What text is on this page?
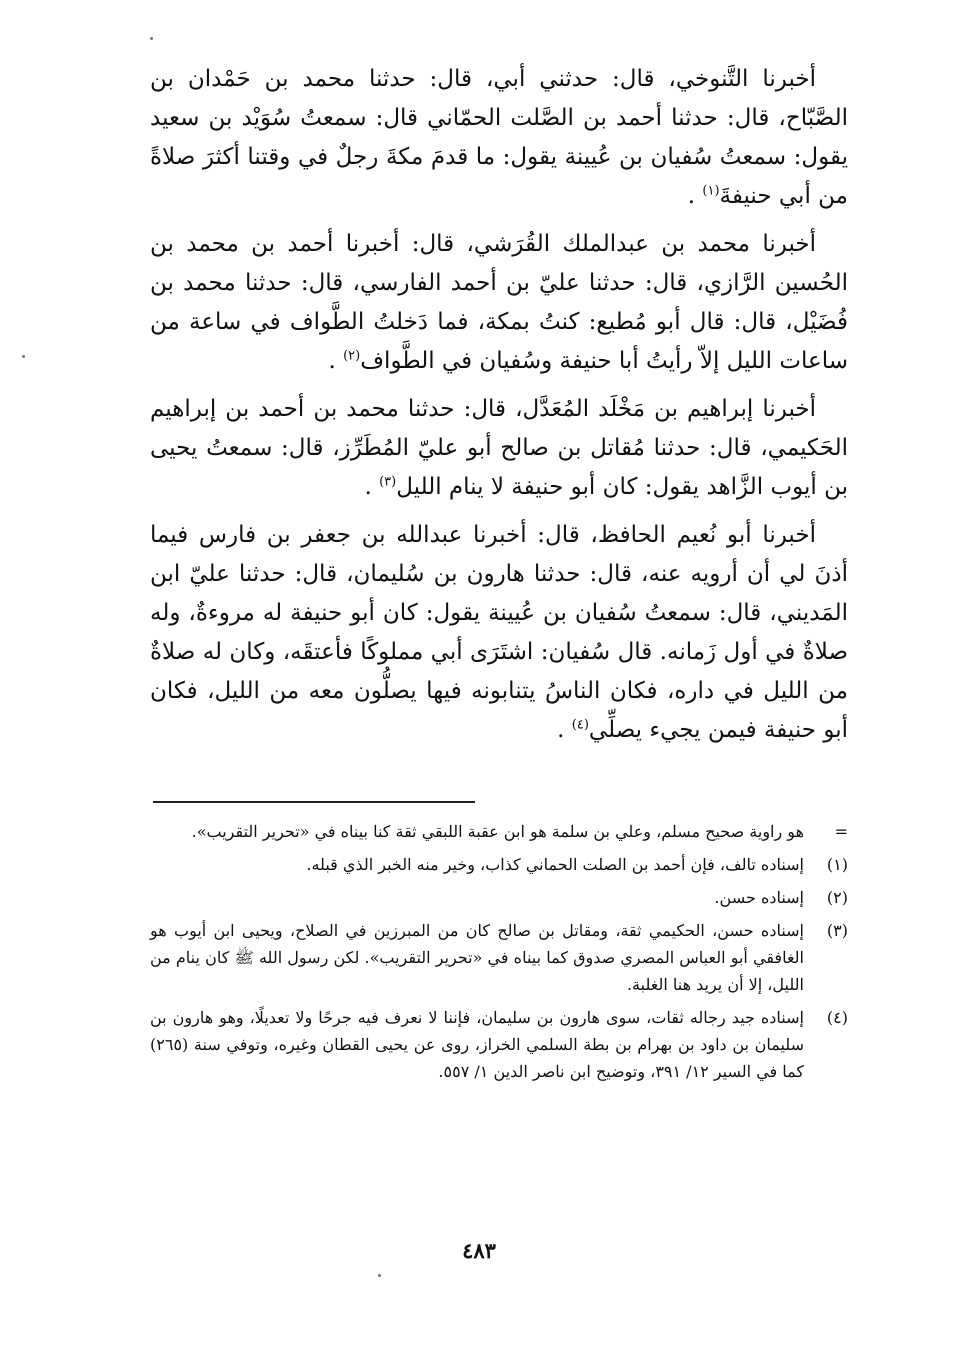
أخبرنا التَّنوخي، قال: حدثني أبي، قال: حدثنا محمد بن حَمْدان بن الصَّبّاح، قال: حدثنا أحمد بن الصَّلت الحمّاني قال: سمعتُ سُوَيْد بن سعيد يقول: سمعتُ سُفيان بن عُيينة يقول: ما قدمَ مكةَ رجلٌ في وقتنا أكثرَ صلاةً من أبي حنيفةَ$^{(١)}$ .

أخبرنا محمد بن عبدالملك القُرَشي، قال: أخبرنا أحمد بن محمد بن الحُسين الرَّازي، قال: حدثنا عليّ بن أحمد الفارسي، قال: حدثنا محمد بن فُضَيْل، قال: قال أبو مُطيع: كنتُ بمكة، فما دَخلتُ الطَّواف في ساعة من ساعات الليل إلاّ رأيتُ أبا حنيفة وسُفيان في الطَّواف$^{(٢)}$ .

أخبرنا إبراهيم بن مَخْلَد المُعَدَّل، قال: حدثنا محمد بن أحمد بن إبراهيم الحَكيمي، قال: حدثنا مُقاتل بن صالح أبو عليّ المُطَرِّز، قال: سمعتُ يحيى بن أيوب الزَّاهد يقول: كان أبو حنيفة لا ينام الليل$^{(٣)}$ .

أخبرنا أبو نُعيم الحافظ، قال: أخبرنا عبدالله بن جعفر بن فارس فيما أذنَ لي أن أرويه عنه، قال: حدثنا هارون بن سُليمان، قال: حدثنا عليّ ابن المَديني، قال: سمعتُ سُفيان بن عُيينة يقول: كان أبو حنيفة له مروءةٌ، وله صلاةٌ في أول زَمانه. قال سُفيان: اشتَرَى أبي مملوكًا فأعتقَه، وكان له صلاةٌ من الليل في داره، فكان الناسُ يتنابونه فيها يصلُّون معه من الليل، فكان أبو حنيفة فيمن يجيء يصلِّي$^{(٤)}$ .

=
هو راوية صحيح مسلم، وعلي بن سلمة هو ابن عقبة اللبقي ثقة كنا بيناه في «تحرير التقريب».
(١)
إسناده تالف، فإن أحمد بن الصلت الحماني كذاب، وخير منه الخبر الذي قبله.
(٢)
إسناده حسن.
(٣)
إسناده حسن، الحكيمي ثقة، ومقاتل بن صالح كان من المبرزين في الصلاح، ويحيى ابن أيوب هو الغافقي أبو العباس المصري صدوق كما بيناه في «تحرير التقريب». لكن رسول الله ﷺ كان ينام من الليل، إلا أن يريد هنا الغلبة.
(٤)
إسناده جيد رجاله ثقات، سوى هارون بن سليمان، فإننا لا نعرف فيه جرحًا ولا تعديلًا، وهو هارون بن سليمان بن داود بن بهرام بن بطة السلمي الخراز، روى عن يحيى القطان وغيره، وتوفي سنة (٢٦٥) كما في السير ١٢/ ٣٩١، وتوضيح ابن ناصر الدين ١/ ٥٥٧.
٤٨٣
